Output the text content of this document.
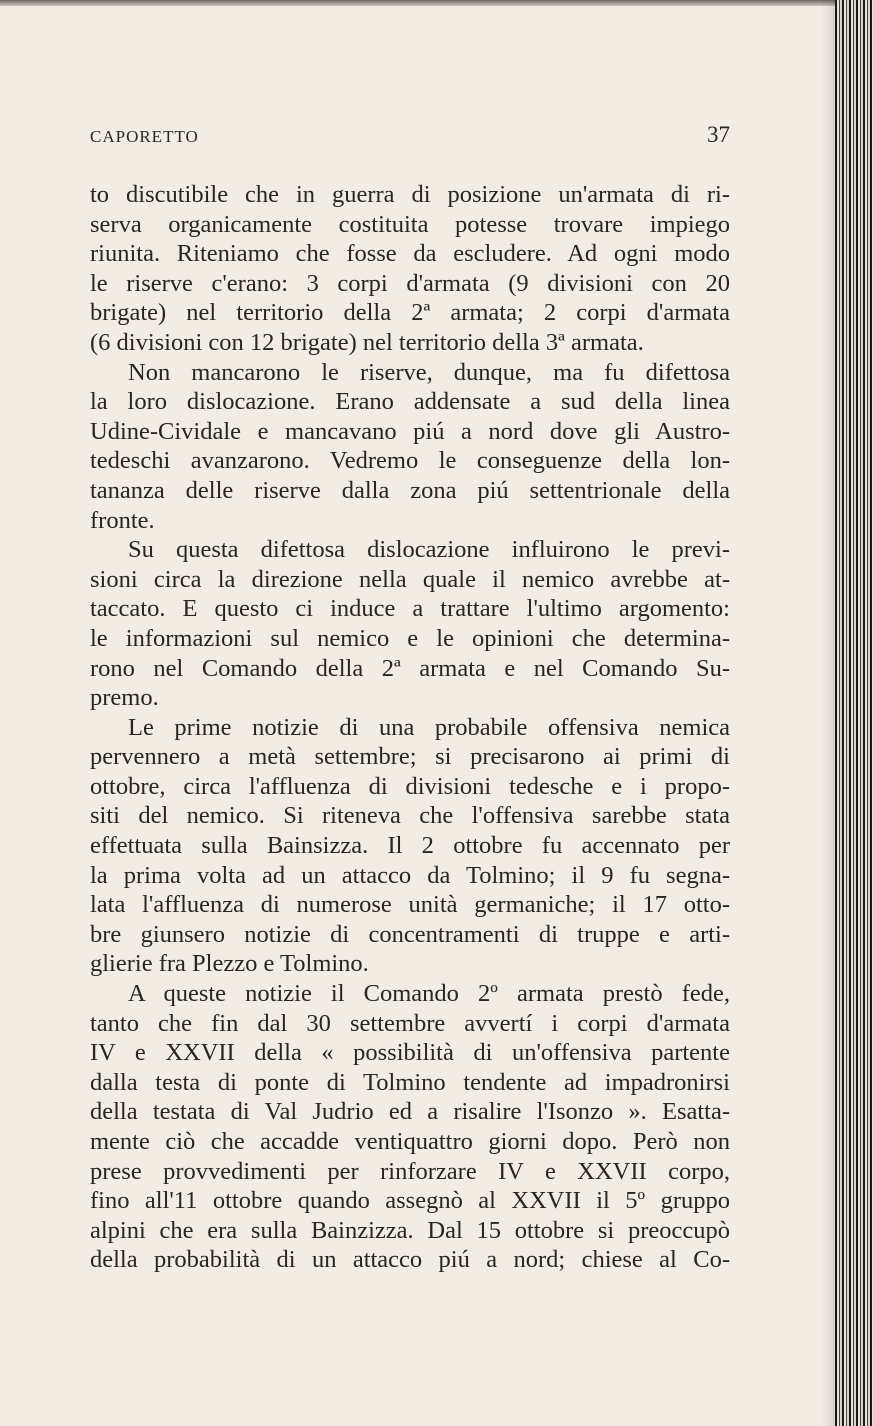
CAPORETTO	37
to discutibile che in guerra di posizione un'armata di ri-
serva organicamente costituita potesse trovare impiego
riunita. Riteniamo che fosse da escludere. Ad ogni modo
le riserve c'erano: 3 corpi d'armata (9 divisioni con 20
brigate) nel territorio della 2ª armata; 2 corpi d'armata
(6 divisioni con 12 brigate) nel territorio della 3ª armata.
Non mancarono le riserve, dunque, ma fu difettosa
la loro dislocazione. Erano addensate a sud della linea
Udine-Cividale e mancavano piú a nord dove gli Austro-
tedeschi avanzarono. Vedremo le conseguenze della lon-
tananza delle riserve dalla zona piú settentrionale della
fronte.
Su questa difettosa dislocazione influirono le previ-
sioni circa la direzione nella quale il nemico avrebbe at-
taccato. E questo ci induce a trattare l'ultimo argomento:
le informazioni sul nemico e le opinioni che determina-
rono nel Comando della 2ª armata e nel Comando Su-
premo.
Le prime notizie di una probabile offensiva nemica
pervennero a metà settembre; si precisarono ai primi di
ottobre, circa l'affluenza di divisioni tedesche e i propo-
siti del nemico. Si riteneva che l'offensiva sarebbe stata
effettuata sulla Bainsizza. Il 2 ottobre fu accennato per
la prima volta ad un attacco da Tolmino; il 9 fu segna-
lata l'affluenza di numerose unità germaniche; il 17 otto-
bre giunsero notizie di concentramenti di truppe e arti-
glierie fra Plezzo e Tolmino.
A queste notizie il Comando 2º armata prestò fede,
tanto che fin dal 30 settembre avvertí i corpi d'armata
IV e XXVII della « possibilità di un'offensiva partente
dalla testa di ponte di Tolmino tendente ad impadronirsi
della testata di Val Judrio ed a risalire l'Isonzo ». Esatta-
mente ciò che accadde ventiquattro giorni dopo. Però non
prese provvedimenti per rinforzare IV e XXVII corpo,
fino all'11 ottobre quando assegnò al XXVII il 5º gruppo
alpini che era sulla Bainzizza. Dal 15 ottobre si preoccupò
della probabilità di un attacco piú a nord; chiese al Co-
